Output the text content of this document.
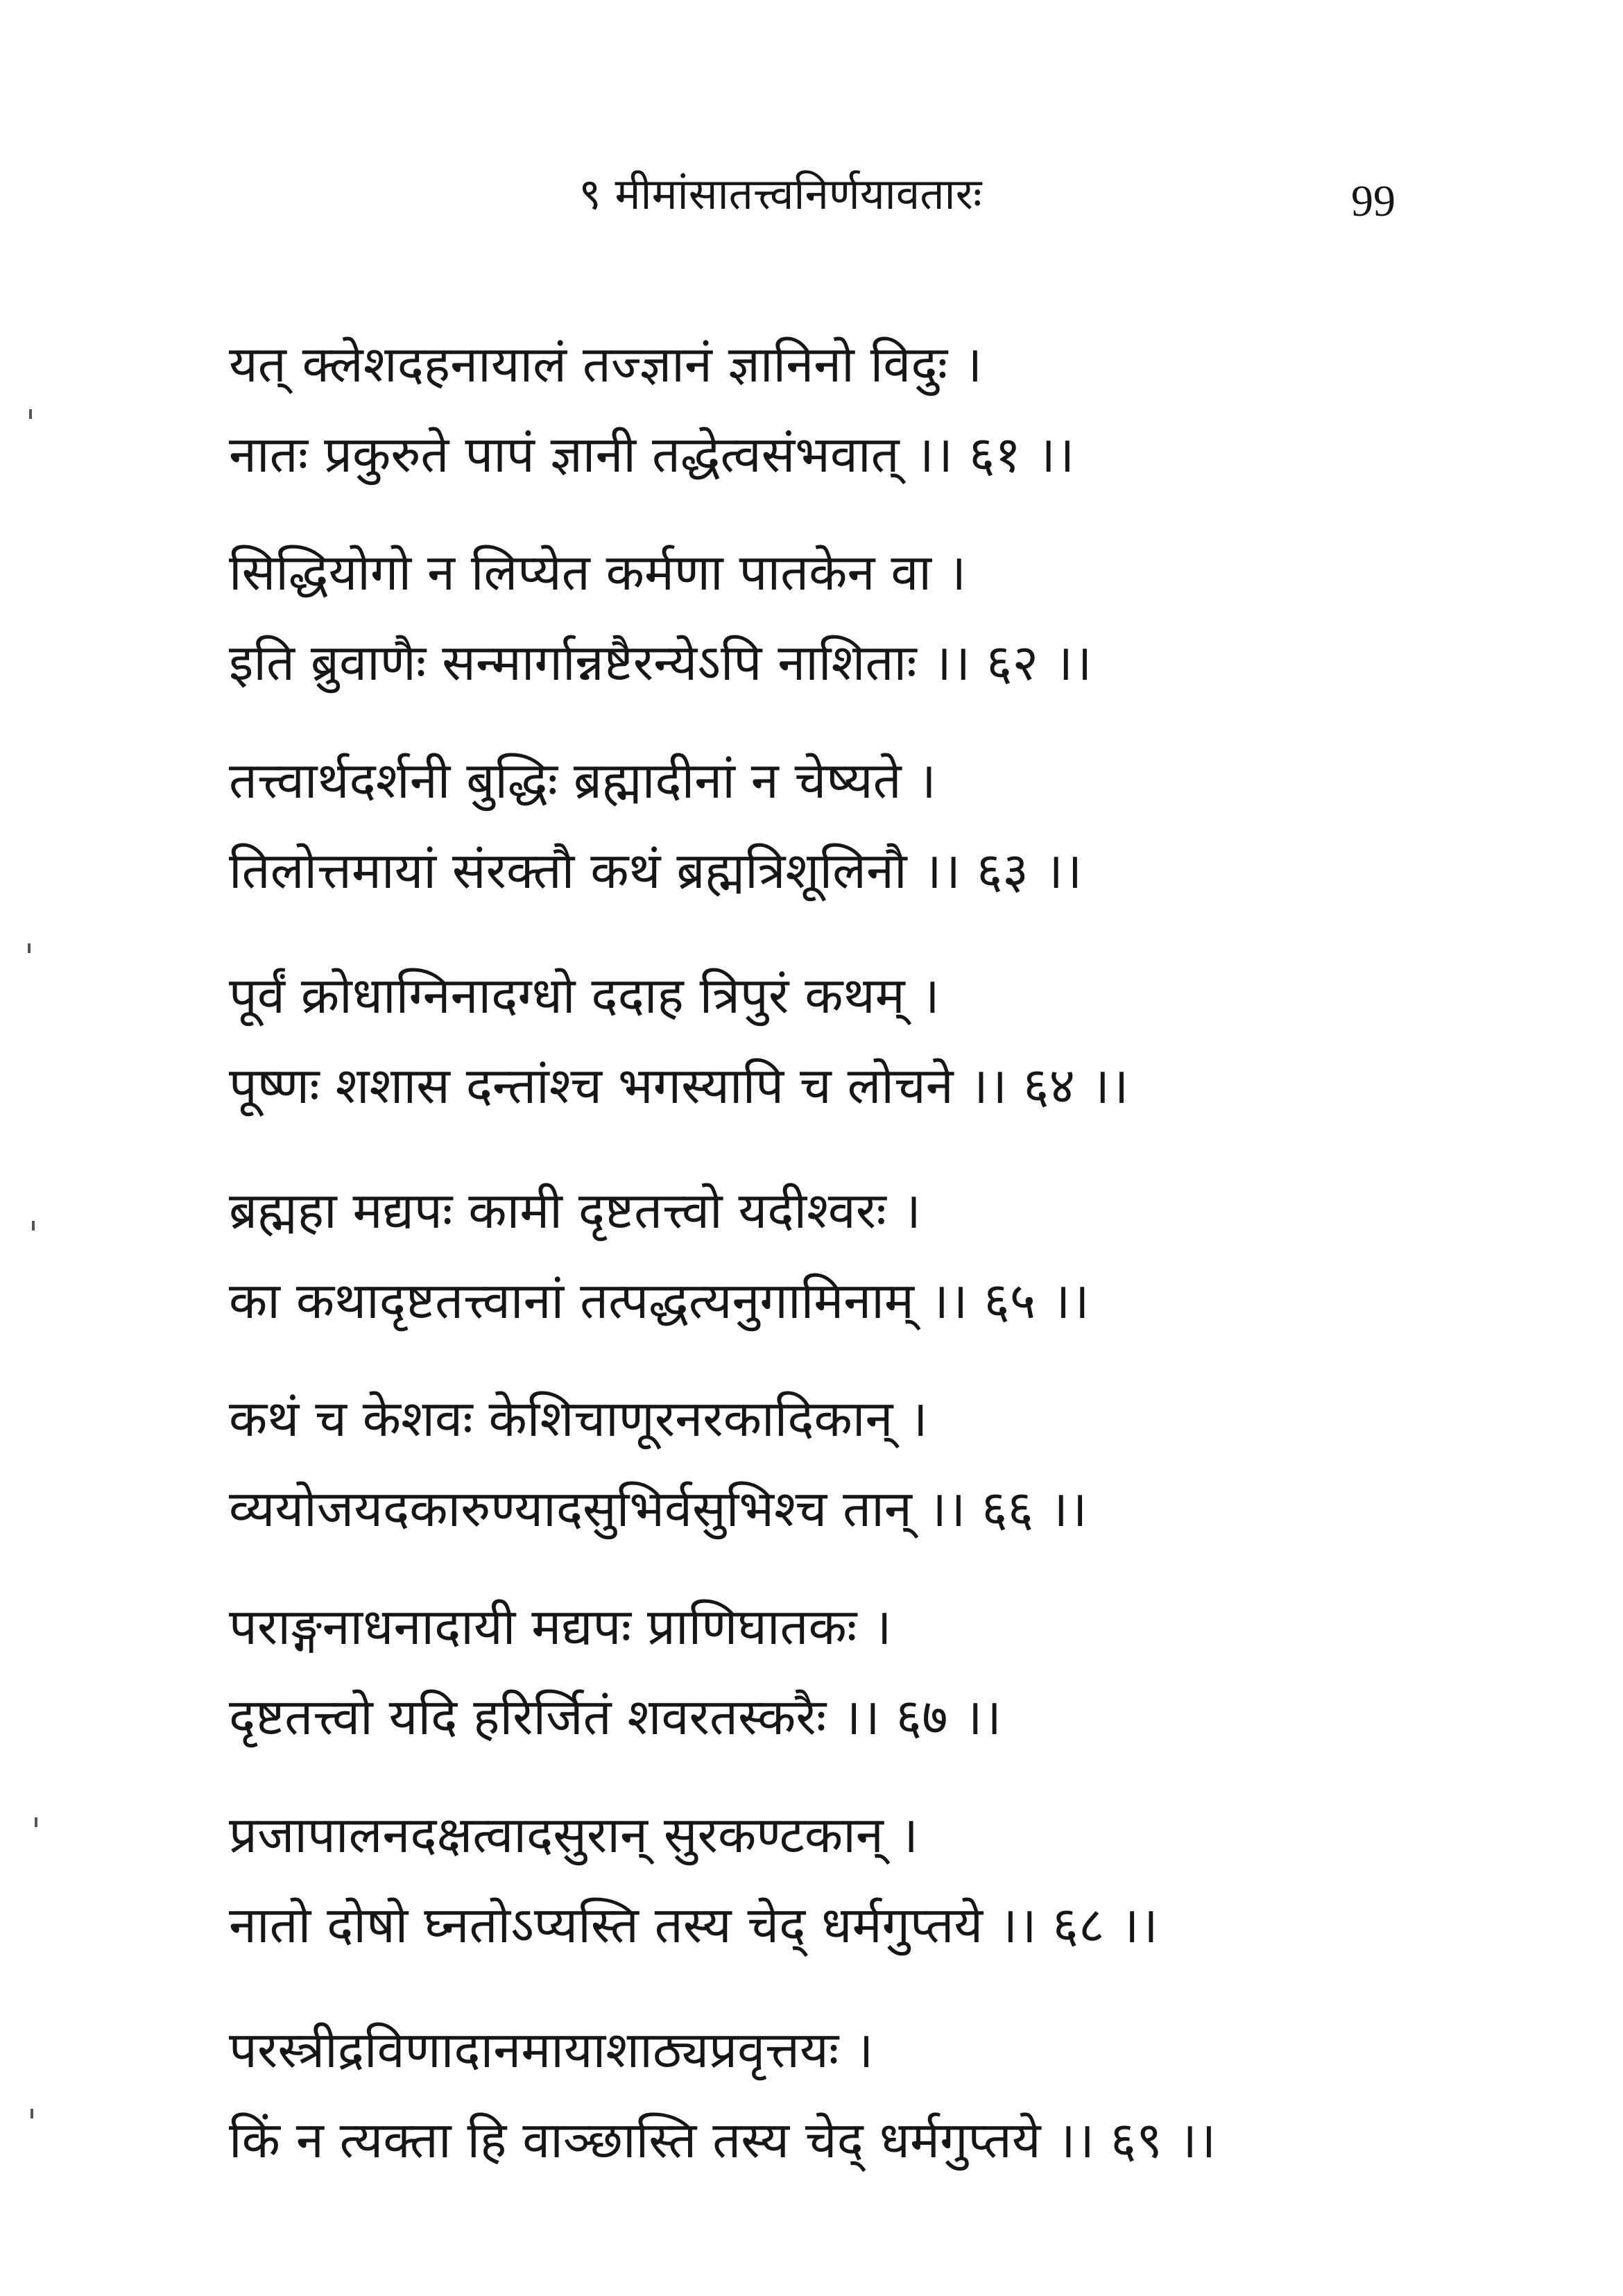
९ मीमांसातत्त्वनिर्णयावतारः	99
यत् क्लेशदहनायालं तज्ज्ञानं ज्ञानिनो विदुः ।
नातः प्रकुरुते पापं ज्ञानी तद्धेत्वसंभवात् ।। ६१ ।।
सिद्धियोगो न लिप्येत कर्मणा पातकेन वा ।
इति ब्रुवाणैः सन्मार्गान्नष्टैरन्येऽपि नाशिताः ।। ६२ ।।
तत्त्वार्थदर्शनी बुद्धिः ब्रह्मादीनां न चेष्यते ।
तिलोत्तमायां संरक्तौ कथं ब्रह्मत्रिशूलिनौ ।। ६३ ।।
पूर्वं क्रोधाग्निनादग्धो ददाह त्रिपुरं कथम् ।
पूष्णः शशास दन्तांश्च भगस्यापि च लोचने ।। ६४ ।।
ब्रह्महा मद्यपः कामी दृष्टतत्त्वो यदीश्वरः ।
का कथादृष्टतत्त्वानां तत्पद्धत्यनुगामिनाम् ।। ६५ ।।
कथं च केशवः केशिचाणूरनरकादिकान् ।
व्ययोजयदकारुण्यादसुभिर्वसुभिश्च तान् ।। ६६ ।।
पराङ्गनाधनादायी मद्यपः प्राणिघातकः ।
दृष्टतत्त्वो यदि हरिर्जितं शवरतस्करैः ।। ६७ ।।
प्रजापालनदक्षत्वादसुरान् सुरकण्टकान् ।
नातो दोषो घ्नतोऽप्यस्ति तस्य चेद् धर्मगुप्तये ।। ६८ ।।
परस्त्रीद्रविणादानमायाशाठ्यप्रवृत्तयः ।
किं न त्यक्ता हि वाञ्छास्ति तस्य चेद् धर्मगुप्तये ।। ६९ ।।
